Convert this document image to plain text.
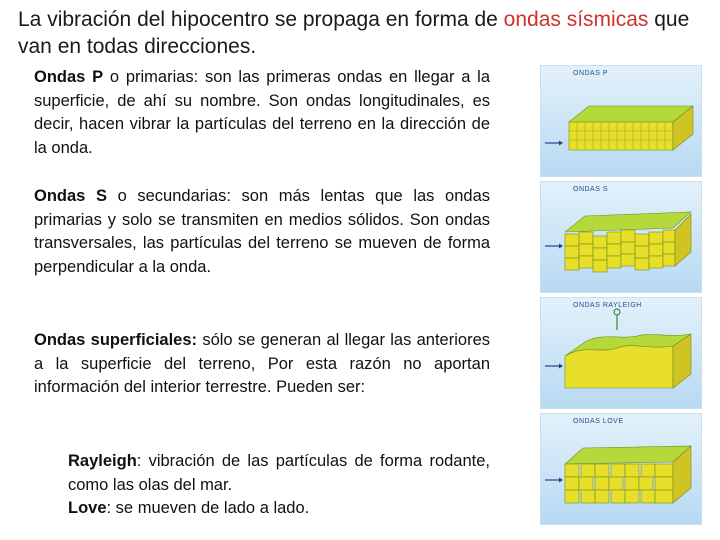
La vibración del hipocentro se propaga en forma de ondas sísmicas que van en todas direcciones.
Ondas P o primarias: son las primeras ondas en llegar a la superficie, de ahí su nombre. Son ondas longitudinales, es decir, hacen vibrar la partículas del terreno en la dirección de la onda.
Ondas S o secundarias: son más lentas que las ondas primarias y solo se transmiten en medios sólidos. Son ondas transversales, las partículas del terreno se mueven de forma perpendicular a la onda.
Ondas superficiales: sólo se generan al llegar las anteriores a la superficie del terreno, Por esta razón no aportan información del interior terrestre. Pueden ser:
Rayleigh: vibración de las partículas de forma rodante, como las olas del mar.
Love: se mueven de lado a lado.
ONDAS P
ONDAS S
ONDAS RAYLEIGH
ONDAS LOVE
